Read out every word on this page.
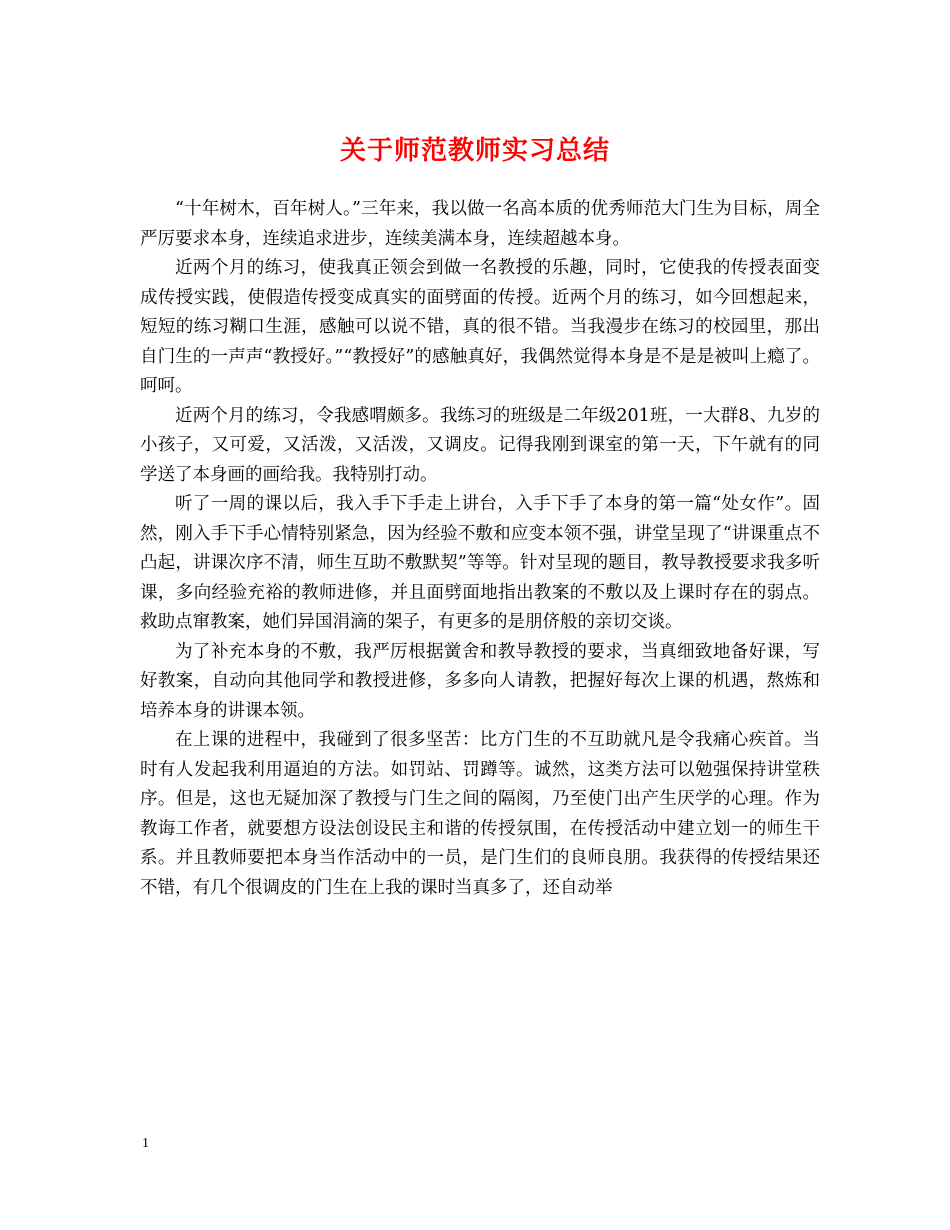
关于师范教师实习总结

“十年树木，百年树人。”三年来，我以做一名高本质的优秀师范大门生为目标，周全严厉要求本身，连续追求进步，连续美满本身，连续超越本身。

近两个月的练习，使我真正领会到做一名教授的乐趣，同时，它使我的传授表面变成传授实践，使假造传授变成真实的面劈面的传授。近两个月的练习，如今回想起来，短短的练习糊口生涯，感触可以说不错，真的很不错。当我漫步在练习的校园里，那出自门生的一声声“教授好。”“教授好”的感触真好，我偶然觉得本身是不是是被叫上瘾了。呵呵。

近两个月的练习，令我感喟颇多。我练习的班级是二年级201班，一大群8、九岁的小孩子，又可爱，又活泼，又活泼，又调皮。记得我刚到课室的第一天，下午就有的同学送了本身画的画给我。我特别打动。

听了一周的课以后，我入手下手走上讲台，入手下手了本身的第一篇“处女作”。固然，刚入手下手心情特别紧急，因为经验不敷和应变本领不强，讲堂呈现了“讲课重点不凸起，讲课次序不清，师生互助不敷默契”等等。针对呈现的题目，教导教授要求我多听课，多向经验充裕的教师进修，并且面劈面地指出教案的不敷以及上课时存在的弱点。救助点窜教案，她们异国涓滴的架子，有更多的是朋侪般的亲切交谈。

为了补充本身的不敷，我严厉根据黉舍和教导教授的要求，当真细致地备好课，写好教案，自动向其他同学和教授进修，多多向人请教，把握好每次上课的机遇，熬炼和培养本身的讲课本领。

在上课的进程中，我碰到了很多坚苦：比方门生的不互助就凡是令我痛心疾首。当时有人发起我利用逼迫的方法。如罚站、罚蹲等。诚然，这类方法可以勉强保持讲堂秩序。但是，这也无疑加深了教授与门生之间的隔阂，乃至使门出产生厌学的心理。作为教诲工作者，就要想方设法创设民主和谐的传授氛围，在传授活动中建立划一的师生干系。并且教师要把本身当作活动中的一员，是门生们的良师良朋。我获得的传授结果还不错，有几个很调皮的门生在上我的课时当真多了，还自动举

1
